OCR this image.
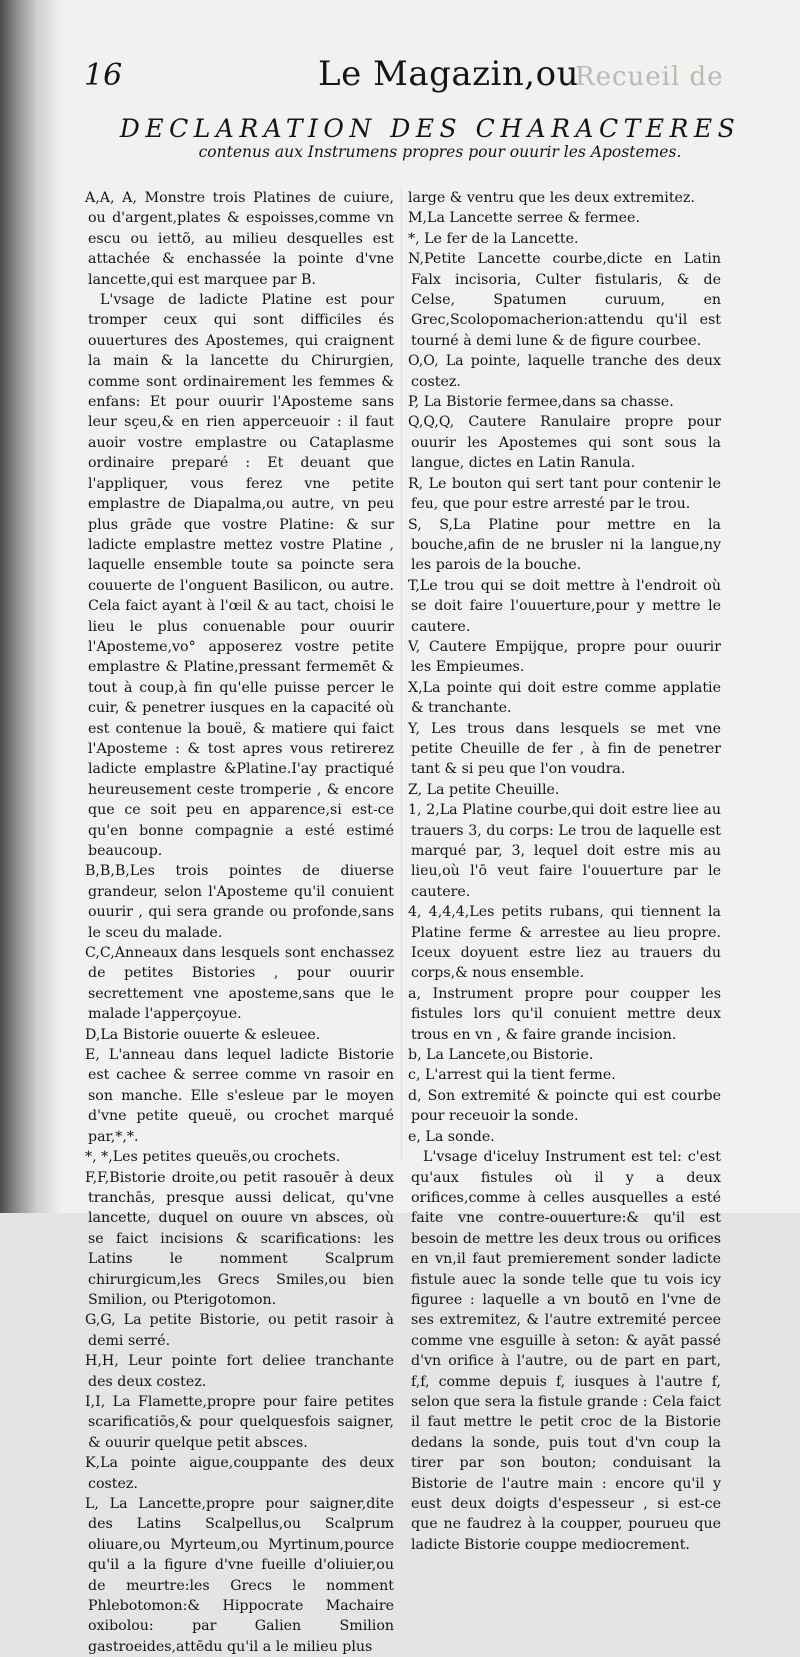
16	Le Magazin,ou
Recueil de
DECLARATION DES CHARACTERES
contenus aux Instrumens propres pour ouurir les Apostemes.

A,A, A, Monstre trois Platines de cuiure, ou d'argent,plates & espoisses,comme vn escu ou iettõ, au milieu desquelles est attachée & enchassée la pointe d'vne lancette,qui est marquee par B.

L'vsage de ladicte Platine est pour tromper ceux qui sont difficiles és ouuertures des Apostemes, qui craignent la main & la lancette du Chirurgien, comme sont ordinairement les femmes & enfans: Et pour ouurir l'Aposteme sans leur sçeu,& en rien apperceuoir : il faut auoir vostre emplastre ou Cataplasme ordinaire preparé : Et deuant que l'appliquer, vous ferez vne petite emplastre de Diapalma,ou autre, vn peu plus grāde que vostre Platine: & sur ladicte emplastre mettez vostre Platine , laquelle ensemble toute sa poincte sera couuerte de l'onguent Basilicon, ou autre. Cela faict ayant à l'œil & au tact, choisi le lieu le plus conuenable pour ouurir l'Aposteme,vo° apposerez vostre petite emplastre & Platine,pressant fermemēt & tout à coup,à fin qu'elle puisse percer le cuir, & penetrer iusques en la capacité où est contenue la bouë, & matiere qui faict l'Aposteme : & tost apres vous retirerez ladicte emplastre &Platine.I'ay practiqué heureusement ceste tromperie , & encore que ce soit peu en apparence,si est-ce qu'en bonne compagnie a esté estimé beaucoup.

B,B,B,Les trois pointes de diuerse grandeur, selon l'Aposteme qu'il conuient ouurir , qui sera grande ou profonde,sans le sceu du malade.

C,C,Anneaux dans lesquels sont enchassez de petites Bistories , pour ouurir secrettement vne aposteme,sans que le malade l'apperçoyue.

D,La Bistorie ouuerte & esleuee.

E, L'anneau dans lequel ladicte Bistorie est cachee & serree comme vn rasoir en son manche. Elle s'esleue par le moyen d'vne petite queuë, ou crochet marqué par,*,*.

*, *,Les petites queuës,ou crochets.

F,F,Bistorie droite,ou petit rasouēr à deux tranchās, presque aussi delicat, qu'vne lancette, duquel on ouure vn absces, où se faict incisions & scarifications: les Latins le nomment Scalprum chirurgicum,les Grecs Smiles,ou bien Smilion, ou Pterigotomon.

G,G, La petite Bistorie, ou petit rasoir à demi serré.

H,H, Leur pointe fort deliee tranchante des deux costez.

I,I, La Flamette,propre pour faire petites scarificatiōs,& pour quelquesfois saigner, & ouurir quelque petit absces.

K,La pointe aigue,couppante des deux costez.

L, La Lancette,propre pour saigner,dite des Latins Scalpellus,ou Scalprum oliuare,ou Myrteum,ou Myrtinum,pource qu'il a la figure d'vne fueille d'oliuier,ou de meurtre:les Grecs le nomment Phlebotomon:& Hippocrate Machaire oxibolou: par Galien Smilion gastroeides,attēdu qu'il a le milieu plus

large & ventru que les deux extremitez.

M,La Lancette serree & fermee.

*, Le fer de la Lancette.

N,Petite Lancette courbe,dicte en Latin Falx incisoria, Culter fistularis, & de Celse, Spatumen curuum, en Grec,Scolopomacherion:attendu qu'il est tourné à demi lune & de figure courbee.

O,O, La pointe, laquelle tranche des deux costez.

P, La Bistorie fermee,dans sa chasse.

Q,Q,Q, Cautere Ranulaire propre pour ouurir les Apostemes qui sont sous la langue, dictes en Latin Ranula.

R, Le bouton qui sert tant pour contenir le feu, que pour estre arresté par le trou.

S, S,La Platine pour mettre en la bouche,afin de ne brusler ni la langue,ny les parois de la bouche.

T,Le trou qui se doit mettre à l'endroit où se doit faire l'ouuerture,pour y mettre le cautere.

V, Cautere Empijque, propre pour ouurir les Empieumes.

X,La pointe qui doit estre comme applatie & tranchante.

Y, Les trous dans lesquels se met vne petite Cheuille de fer , à fin de penetrer tant & si peu que l'on voudra.

Z, La petite Cheuille.

1, 2,La Platine courbe,qui doit estre liee au trauers 3, du corps: Le trou de laquelle est marqué par, 3, lequel doit estre mis au lieu,où l'ō veut faire l'ouuerture par le cautere.

4, 4,4,4,Les petits rubans, qui tiennent la Platine ferme & arrestee au lieu propre. Iceux doyuent estre liez au trauers du corps,& nous ensemble.

a, Instrument propre pour coupper les fistules lors qu'il conuient mettre deux trous en vn , & faire grande incision.

b, La Lancete,ou Bistorie.

c, L'arrest qui la tient ferme.

d, Son extremité & poincte qui est courbe pour receuoir la sonde.

e, La sonde.

L'vsage d'iceluy Instrument est tel: c'est qu'aux fistules où il y a deux orifices,comme à celles ausquelles a esté faite vne contre-ouuerture:& qu'il est besoin de mettre les deux trous ou orifices en vn,il faut premierement sonder ladicte fistule auec la sonde telle que tu vois icy figuree : laquelle a vn boutō en l'vne de ses extremitez, & l'autre extremité percee comme vne esguille à seton: & ayāt passé d'vn orifice à l'autre, ou de part en part, f,f, comme depuis f, iusques à l'autre f, selon que sera la fistule grande : Cela faict il faut mettre le petit croc de la Bistorie dedans la sonde, puis tout d'vn coup la tirer par son bouton; conduisant la Bistorie de l'autre main : encore qu'il y eust deux doigts d'espesseur , si est-ce que ne faudrez à la coupper, pourueu que ladicte Bistorie couppe mediocrement.
